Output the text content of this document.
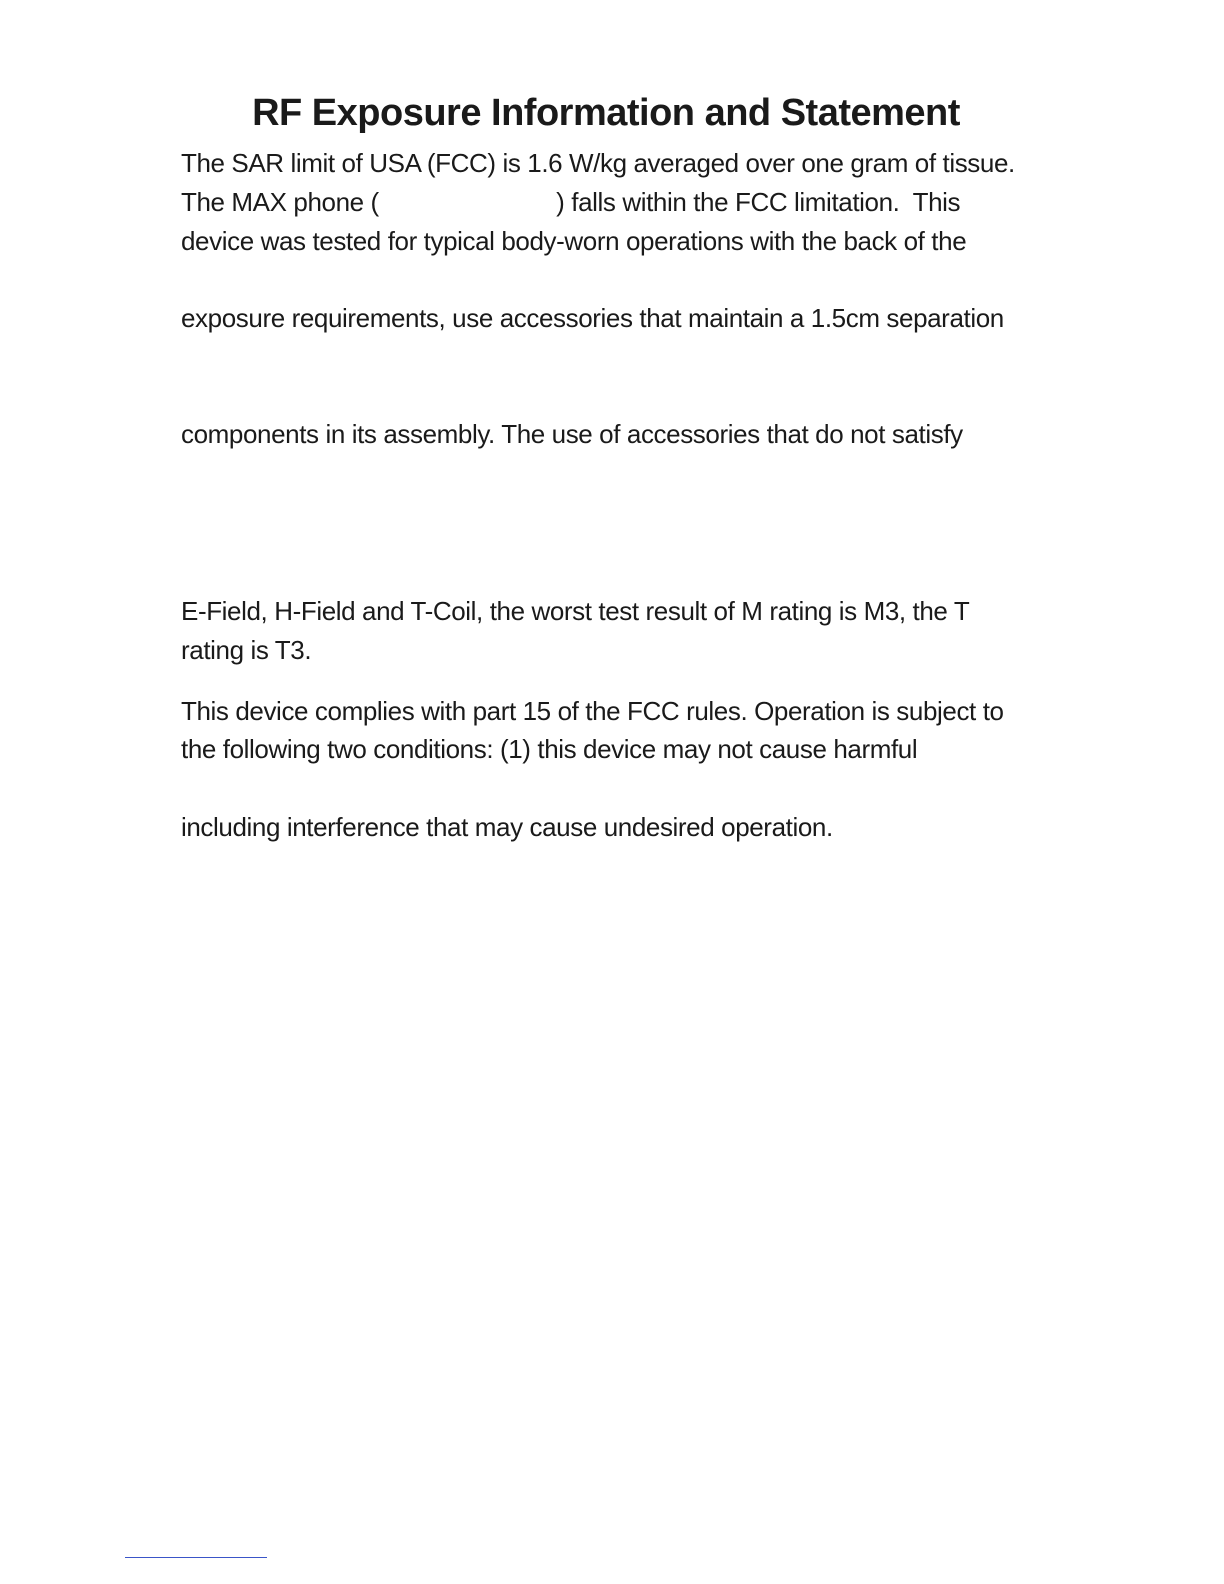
RF Exposure Information and Statement
The SAR limit of USA (FCC) is 1.6 W/kg averaged over one gram of tissue.
The MAX phone (                          ) falls within the FCC limitation.  This
device was tested for typical body-worn operations with the back of the
exposure requirements, use accessories that maintain a 1.5cm separation
components in its assembly. The use of accessories that do not satisfy
E-Field, H-Field and T-Coil, the worst test result of M rating is M3, the T
rating is T3.
This device complies with part 15 of the FCC rules. Operation is subject to
the following two conditions: (1) this device may not cause harmful
including interference that may cause undesired operation.
